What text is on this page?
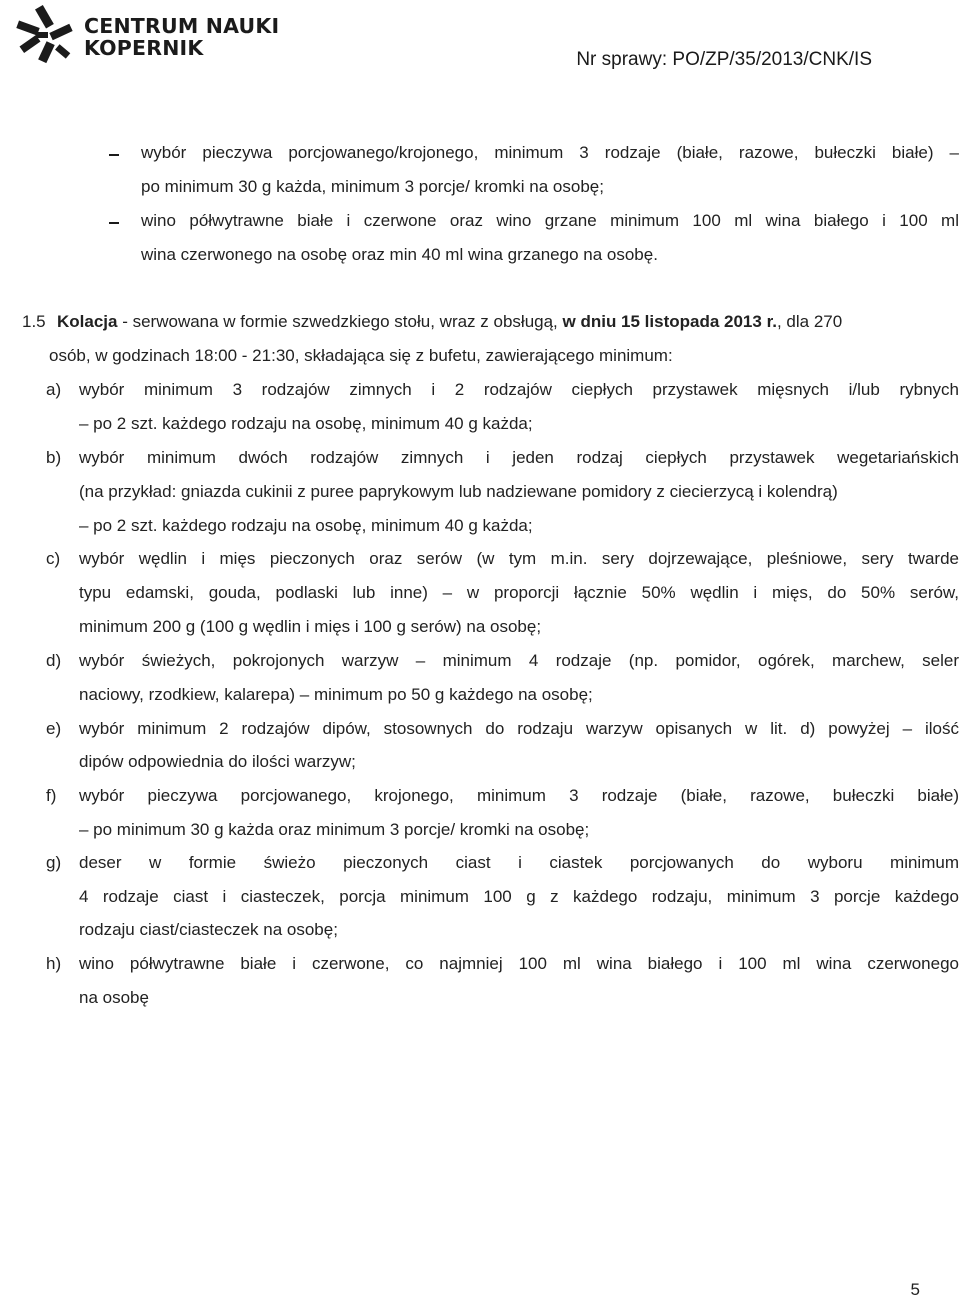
CENTRUM NAUKI
KOPERNIK	Nr sprawy: PO/ZP/35/2013/CNK/IS
wybór pieczywa porcjowanego/krojonego, minimum 3 rodzaje (białe, razowe, bułeczki białe) –
po minimum 30 g każda, minimum 3 porcje/ kromki na osobę;
wino półwytrawne białe i czerwone oraz wino grzane minimum 100 ml wina białego i 100 ml
wina czerwonego na osobę oraz min 40 ml wina grzanego na osobę.
1.5 Kolacja - serwowana w formie szwedzkiego stołu, wraz z obsługą, w dniu 15 listopada 2013 r., dla 270
osób, w godzinach 18:00 - 21:30, składająca się z bufetu, zawierającego minimum:
a) wybór minimum 3 rodzajów zimnych i 2 rodzajów ciepłych przystawek mięsnych i/lub rybnych
– po 2 szt. każdego rodzaju na osobę, minimum 40 g każda;
b) wybór minimum dwóch rodzajów zimnych i jeden rodzaj ciepłych przystawek wegetariańskich
(na przykład: gniazda cukinii z puree paprykowym lub nadziewane pomidory z ciecierzycą i kolendrą)
– po 2 szt. każdego rodzaju na osobę, minimum 40 g każda;
c) wybór wędlin i mięs pieczonych oraz serów (w tym m.in. sery dojrzewające, pleśniowe, sery twarde
typu edamski, gouda, podlaski lub inne) – w proporcji łącznie 50% wędlin i mięs, do 50% serów,
minimum 200 g (100 g wędlin i mięs i 100 g serów) na osobę;
d) wybór świeżych, pokrojonych warzyw – minimum 4 rodzaje (np. pomidor, ogórek, marchew, seler
naciowy, rzodkiew, kalarepa) – minimum po 50 g każdego na osobę;
e) wybór minimum 2 rodzajów dipów, stosownych do rodzaju warzyw opisanych w lit. d) powyżej – ilość
dipów odpowiednia do ilości warzyw;
f) wybór pieczywa porcjowanego, krojonego, minimum 3 rodzaje (białe, razowe, bułeczki białe)
– po minimum 30 g każda oraz minimum 3 porcje/ kromki na osobę;
g) deser w formie świeżo pieczonych ciast i ciastek porcjowanych do wyboru minimum
4 rodzaje ciast i ciasteczek, porcja minimum 100 g z każdego rodzaju, minimum 3 porcje każdego
rodzaju ciast/ciasteczek na osobę;
h) wino półwytrawne białe i czerwone, co najmniej 100 ml wina białego i 100 ml wina czerwonego
na osobę
5
